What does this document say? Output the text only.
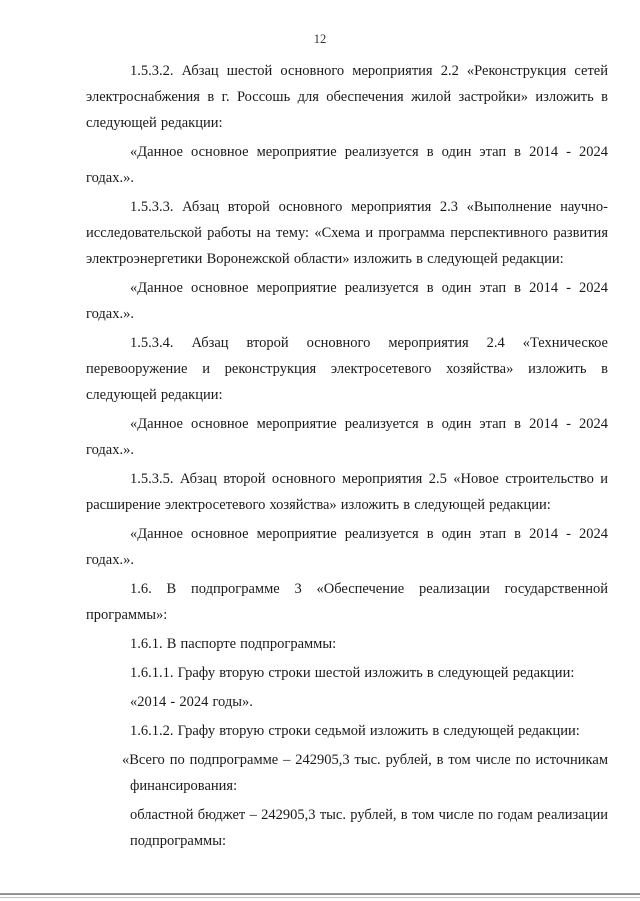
12

1.5.3.2. Абзац шестой основного мероприятия 2.2 «Реконструкция сетей электроснабжения в г. Россошь для обеспечения жилой застройки» изложить в следующей редакции:

«Данное основное мероприятие реализуется в один этап в 2014 - 2024 годах.».

1.5.3.3. Абзац второй основного мероприятия 2.3 «Выполнение научно-исследовательской работы на тему: «Схема и программа перспективного развития электроэнергетики Воронежской области» изложить в следующей редакции:

«Данное основное мероприятие реализуется в один этап в 2014 - 2024 годах.».

1.5.3.4. Абзац второй основного мероприятия 2.4 «Техническое перевооружение и реконструкция электросетевого хозяйства» изложить в следующей редакции:

«Данное основное мероприятие реализуется в один этап в 2014 - 2024 годах.».

1.5.3.5. Абзац второй основного мероприятия 2.5 «Новое строительство и расширение электросетевого хозяйства» изложить в следующей редакции:

«Данное основное мероприятие реализуется в один этап в 2014 - 2024 годах.».

1.6. В подпрограмме 3 «Обеспечение реализации государственной программы»:

1.6.1. В паспорте подпрограммы:

1.6.1.1. Графу вторую строки шестой изложить в следующей редакции:

«2014 - 2024 годы».

1.6.1.2. Графу вторую строки седьмой изложить в следующей редакции:

«Всего по подпрограмме – 242905,3 тыс. рублей, в том числе по источникам финансирования:

областной бюджет – 242905,3 тыс. рублей, в том числе по годам реализации подпрограммы:
